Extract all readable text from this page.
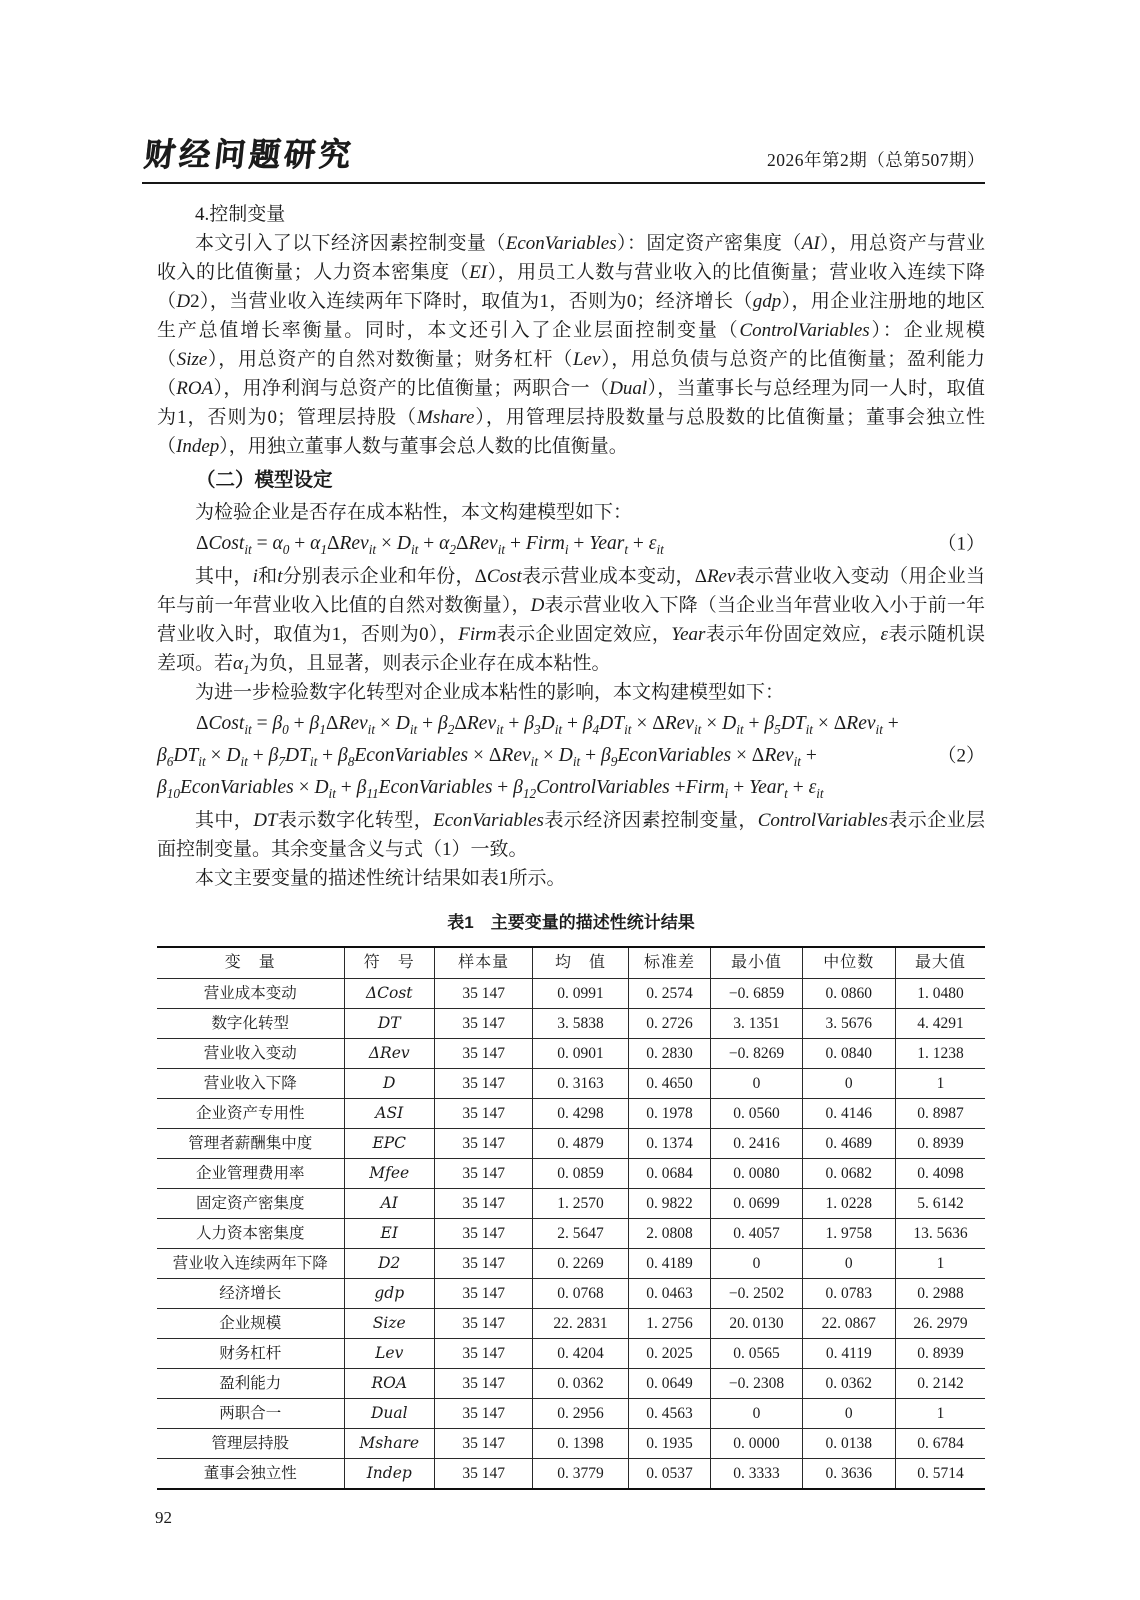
财经问题研究	2026年第2期（总第507期）

4.控制变量

本文引入了以下经济因素控制变量（EconVariables）：固定资产密集度（AI），用总资产与营业收入的比值衡量；人力资本密集度（EI），用员工人数与营业收入的比值衡量；营业收入连续下降（D2），当营业收入连续两年下降时，取值为1，否则为0；经济增长（gdp），用企业注册地的地区生产总值增长率衡量。同时，本文还引入了企业层面控制变量（ControlVariables）：企业规模（Size），用总资产的自然对数衡量；财务杠杆（Lev），用总负债与总资产的比值衡量；盈利能力（ROA），用净利润与总资产的比值衡量；两职合一（Dual），当董事长与总经理为同一人时，取值为1，否则为0；管理层持股（Mshare），用管理层持股数量与总股数的比值衡量；董事会独立性（Indep），用独立董事人数与董事会总人数的比值衡量。

（二）模型设定

为检验企业是否存在成本粘性，本文构建模型如下：

ΔCost$_{it}$ = $\alpha_0 + \alpha_1\Delta Rev_{it} \times D_{it} + \alpha_2\Delta Rev_{it}$ + Firm$_i$ + Year$_t$ + $\varepsilon_{it}$	（1）

其中，i和t分别表示企业和年份，ΔCost表示营业成本变动，ΔRev表示营业收入变动（用企业当年与前一年营业收入比值的自然对数衡量），D表示营业收入下降（当企业当年营业收入小于前一年营业收入时，取值为1，否则为0），Firm表示企业固定效应，Year表示年份固定效应，ε表示随机误差项。若$\alpha_1$为负，且显著，则表示企业存在成本粘性。

为进一步检验数字化转型对企业成本粘性的影响，本文构建模型如下：

ΔCost$_{it}$ = $\beta_0 + \beta_1\Delta Rev_{it} \times D_{it} + \beta_2\Delta Rev_{it} + \beta_3D_{it} + \beta_4DT_{it} \times \Delta Rev_{it} \times D_{it} + \beta_5DT_{it} \times \Delta Rev_{it}$ +
$\beta_6DT_{it} \times D_{it} + \beta_7DT_{it}$ + $\beta_8EconVariables \times \Delta Rev_{it} \times D_{it}$ + $\beta_9EconVariables \times \Delta Rev_{it}$ +
$\beta_{10}EconVariables \times D_{it}$ + $\beta_{11}EconVariables$ + $\beta_{12}ControlVariables$ +Firm$_i$ + Year$_t$ + $\varepsilon_{it}$
（2）

其中，DT表示数字化转型，EconVariables表示经济因素控制变量，ControlVariables表示企业层面控制变量。其余变量含义与式（1）一致。

本文主要变量的描述性统计结果如表1所示。

表1　主要变量的描述性统计结果
变　量	符　号	样本量	均　值	标准差	最小值	中位数	最大值
营业成本变动	ΔCost	35 147	0. 0991	0. 2574	−0. 6859	0. 0860	1. 0480
数字化转型	DT	35 147	3. 5838	0. 2726	3. 1351	3. 5676	4. 4291
营业收入变动	ΔRev	35 147	0. 0901	0. 2830	−0. 8269	0. 0840	1. 1238
营业收入下降	D	35 147	0. 3163	0. 4650	0	0	1
企业资产专用性	ASI	35 147	0. 4298	0. 1978	0. 0560	0. 4146	0. 8987
管理者薪酬集中度	EPC	35 147	0. 4879	0. 1374	0. 2416	0. 4689	0. 8939
企业管理费用率	Mfee	35 147	0. 0859	0. 0684	0. 0080	0. 0682	0. 4098
固定资产密集度	AI	35 147	1. 2570	0. 9822	0. 0699	1. 0228	5. 6142
人力资本密集度	EI	35 147	2. 5647	2. 0808	0. 4057	1. 9758	13. 5636
营业收入连续两年下降	D2	35 147	0. 2269	0. 4189	0	0	1
经济增长	gdp	35 147	0. 0768	0. 0463	−0. 2502	0. 0783	0. 2988
企业规模	Size	35 147	22. 2831	1. 2756	20. 0130	22. 0867	26. 2979
财务杠杆	Lev	35 147	0. 4204	0. 2025	0. 0565	0. 4119	0. 8939
盈利能力	ROA	35 147	0. 0362	0. 0649	−0. 2308	0. 0362	0. 2142
两职合一	Dual	35 147	0. 2956	0. 4563	0	0	1
管理层持股	Mshare	35 147	0. 1398	0. 1935	0. 0000	0. 0138	0. 6784
董事会独立性	Indep	35 147	0. 3779	0. 0537	0. 3333	0. 3636	0. 5714
92
